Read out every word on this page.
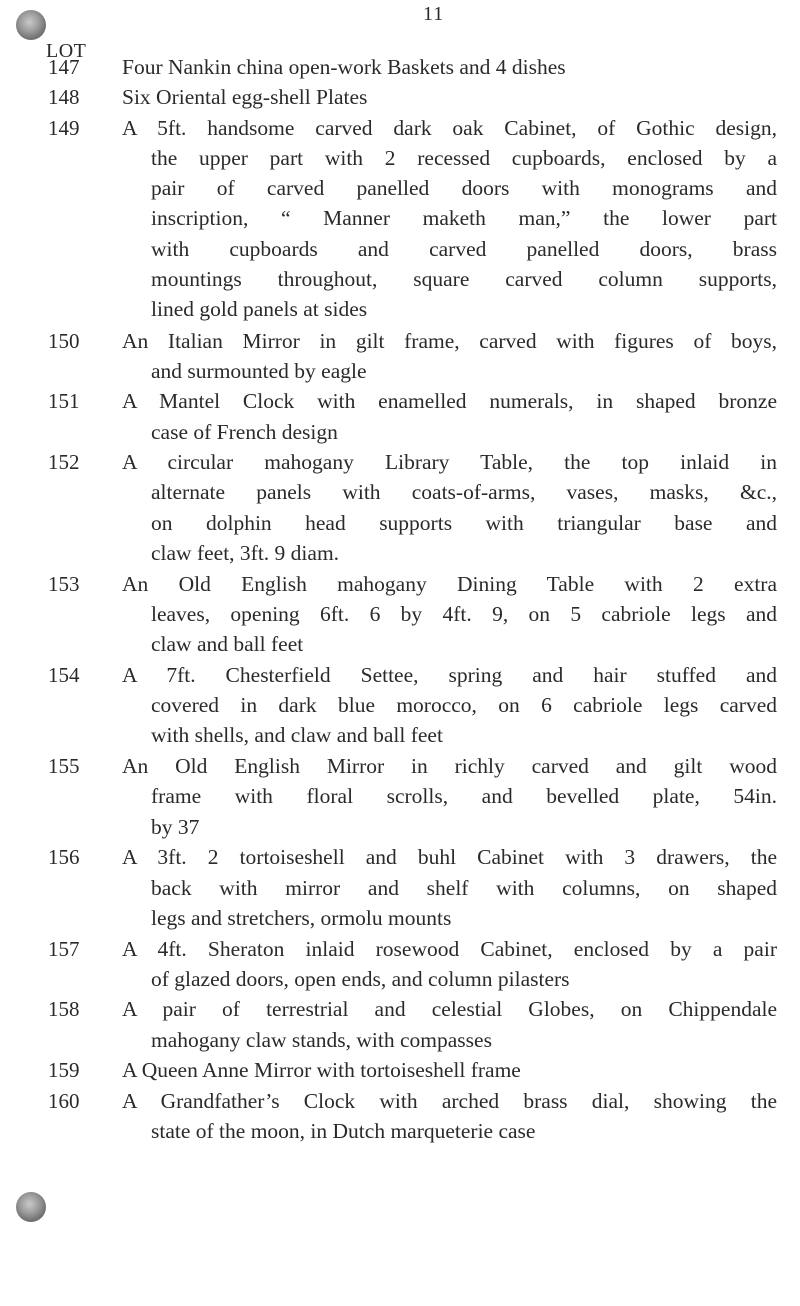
11
LOT
147 Four Nankin china open-work Baskets and 4 dishes
148 Six Oriental egg-shell Plates
149 A 5ft. handsome carved dark oak Cabinet, of Gothic design,
the upper part with 2 recessed cupboards, enclosed by a
pair of carved panelled doors with monograms and
inscription, “ Manner maketh man,” the lower part
with cupboards and carved panelled doors, brass
mountings throughout, square carved column supports,
lined gold panels at sides
150 An Italian Mirror in gilt frame, carved with figures of boys,
and surmounted by eagle
151 A Mantel Clock with enamelled numerals, in shaped bronze
case of French design
152 A circular mahogany Library Table, the top inlaid in
alternate panels with coats-of-arms, vases, masks, &c.,
on dolphin head supports with triangular base and
claw feet, 3ft. 9 diam.
153 An Old English mahogany Dining Table with 2 extra
leaves, opening 6ft. 6 by 4ft. 9, on 5 cabriole legs and
claw and ball feet
154 A 7ft. Chesterfield Settee, spring and hair stuffed and
covered in dark blue morocco, on 6 cabriole legs carved
with shells, and claw and ball feet
155 An Old English Mirror in richly carved and gilt wood
frame with floral scrolls, and bevelled plate, 54in.
by 37
156 A 3ft. 2 tortoiseshell and buhl Cabinet with 3 drawers, the
back with mirror and shelf with columns, on shaped
legs and stretchers, ormolu mounts
157 A 4ft. Sheraton inlaid rosewood Cabinet, enclosed by a pair
of glazed doors, open ends, and column pilasters
158 A pair of terrestrial and celestial Globes, on Chippendale
mahogany claw stands, with compasses
159 A Queen Anne Mirror with tortoiseshell frame
160 A Grandfather’s Clock with arched brass dial, showing the
state of the moon, in Dutch marqueterie case
